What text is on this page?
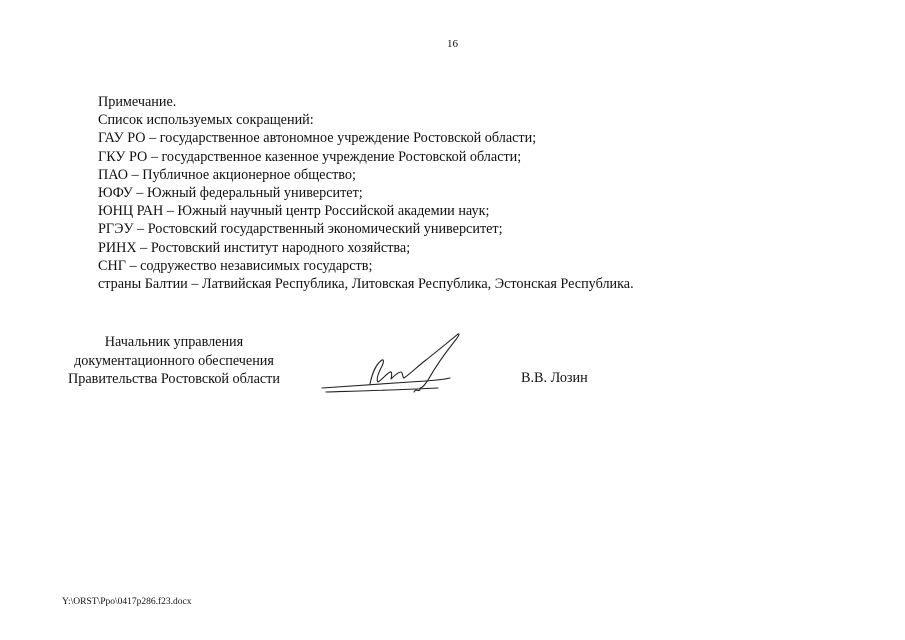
16
Примечание.
Список используемых сокращений:
ГАУ РО – государственное автономное учреждение Ростовской области;
ГКУ РО – государственное казенное учреждение Ростовской области;
ПАО – Публичное акционерное общество;
ЮФУ – Южный федеральный университет;
ЮНЦ РАН – Южный научный центр Российской академии наук;
РГЭУ – Ростовский государственный экономический университет;
РИНХ – Ростовский институт народного хозяйства;
СНГ – содружество независимых государств;
страны Балтии – Латвийская Республика, Литовская Республика, Эстонская Республика.
Начальник управления
документационного обеспечения
Правительства Ростовской области	В.В. Лозин
Y:\ORST\Ppo\0417p286.f23.docx
